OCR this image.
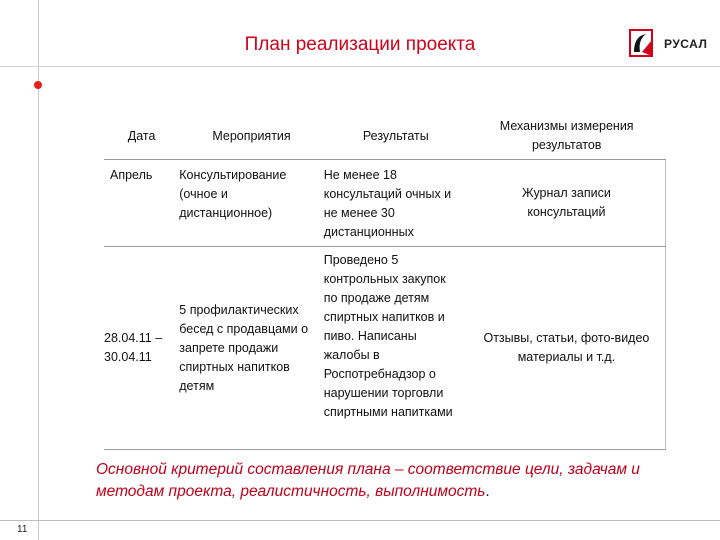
План реализации проекта	РУСАЛ
Дата	Мероприятия	Результаты	Механизмы измерения результатов
Апрель	Консультирование (очное и дистанционное)	Не менее 18 консультаций очных и не менее 30 дистанционных	Журнал записи консультаций
28.04.11 – 30.04.11	5 профилактических бесед с продавцами о запрете продажи спиртных напитков детям	Проведено 5 контрольных закупок по продаже детям спиртных напитков и пиво. Написаны жалобы в Роспотребнадзор о нарушении торговли спиртными напитками	Отзывы, статьи, фото-видео материалы и т.д.
Основной критерий составления плана – соответствие цели, задачам и методам проекта, реалистичность, выполнимость.
11
